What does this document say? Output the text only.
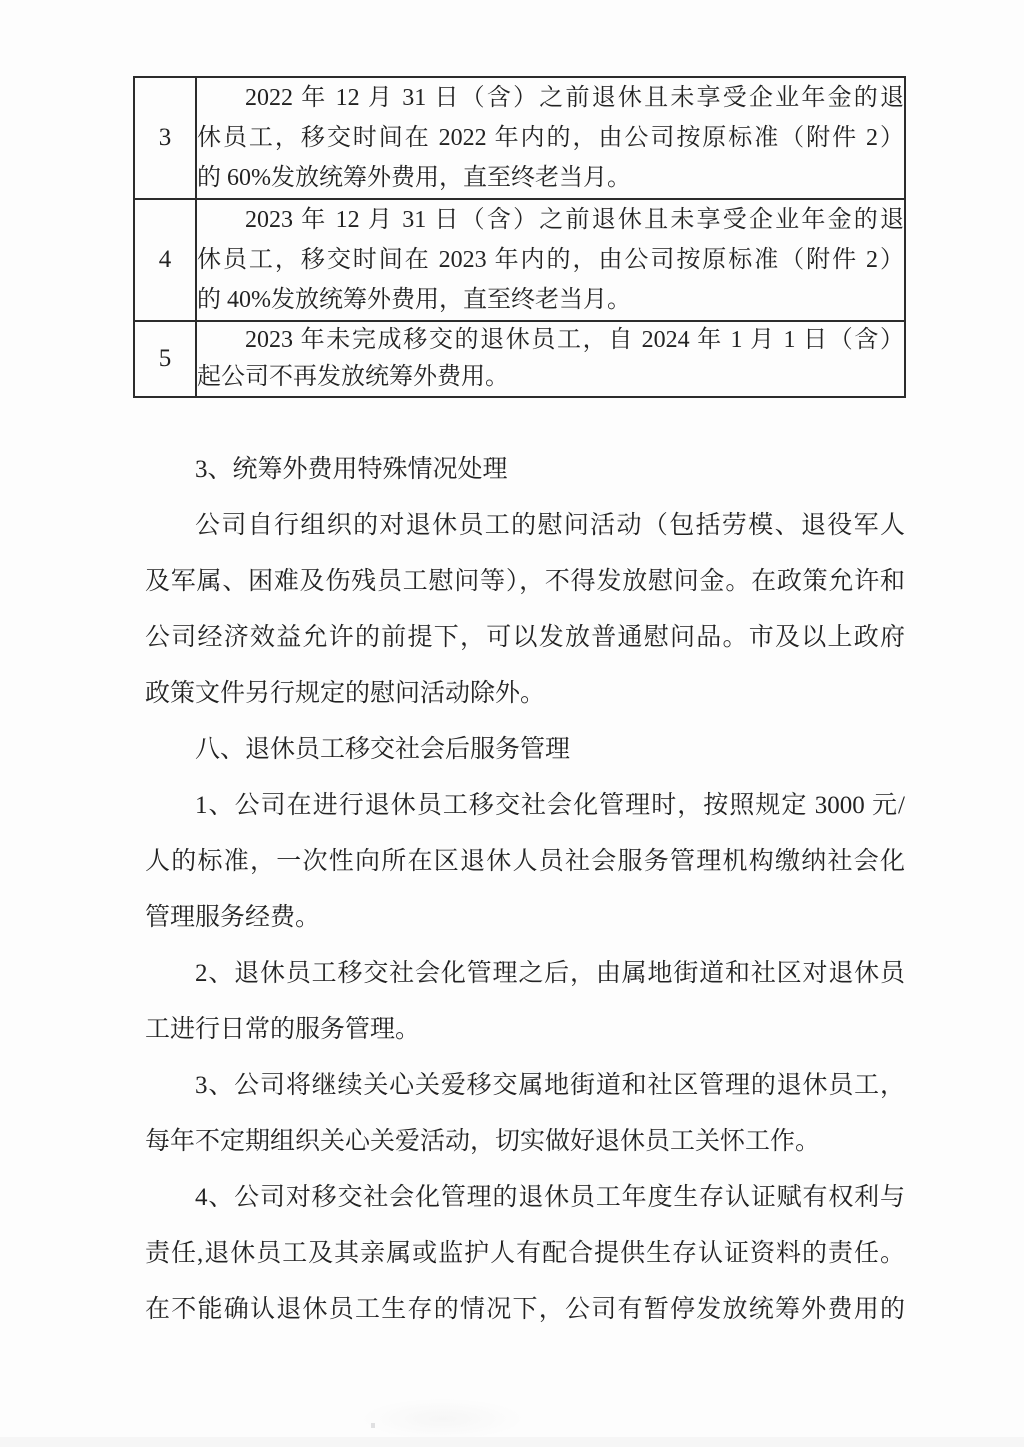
3	2022 年 12 月 31 日（含）之前退休且未享受企业年金的退
休员工，移交时间在 2022 年内的，由公司按原标准（附件 2）
的 60%发放统筹外费用，直至终老当月。

4	2023 年 12 月 31 日（含）之前退休且未享受企业年金的退
休员工，移交时间在 2023 年内的，由公司按原标准（附件 2）
的 40%发放统筹外费用，直至终老当月。

5	2023 年未完成移交的退休员工，自 2024 年 1 月 1 日（含）
起公司不再发放统筹外费用。
3、统筹外费用特殊情况处理
公司自行组织的对退休员工的慰问活动（包括劳模、退役军人
及军属、困难及伤残员工慰问等），不得发放慰问金。在政策允许和
公司经济效益允许的前提下，可以发放普通慰问品。市及以上政府
政策文件另行规定的慰问活动除外。
八、退休员工移交社会后服务管理
1、公司在进行退休员工移交社会化管理时，按照规定 3000 元/
人的标准，一次性向所在区退休人员社会服务管理机构缴纳社会化
管理服务经费。
2、退休员工移交社会化管理之后，由属地街道和社区对退休员
工进行日常的服务管理。
3、公司将继续关心关爱移交属地街道和社区管理的退休员工，
每年不定期组织关心关爱活动，切实做好退休员工关怀工作。
4、公司对移交社会化管理的退休员工年度生存认证赋有权利与
责任,退休员工及其亲属或监护人有配合提供生存认证资料的责任。
在不能确认退休员工生存的情况下，公司有暂停发放统筹外费用的
